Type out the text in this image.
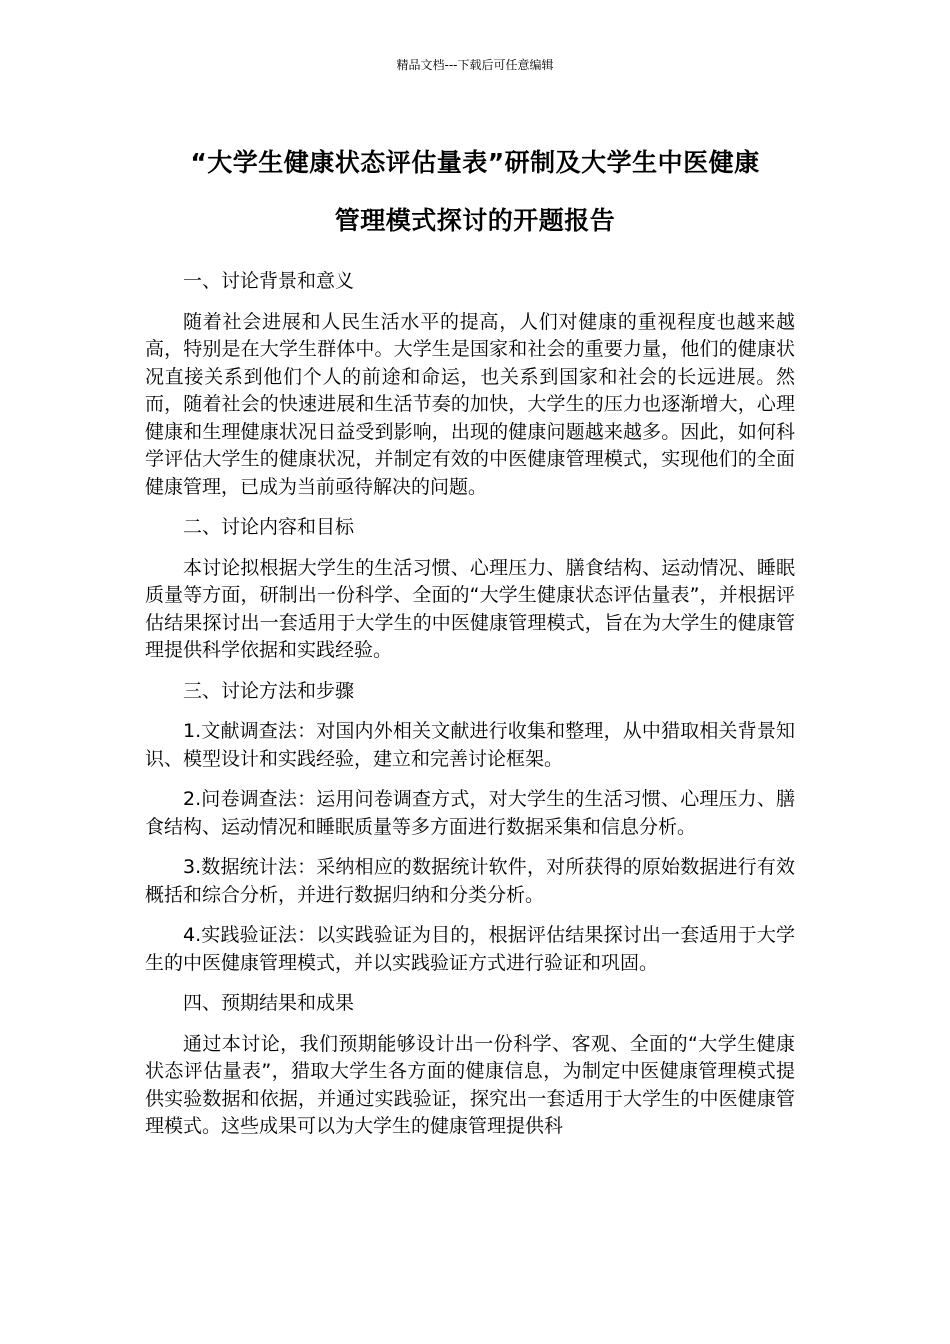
精品文档---下载后可任意编辑
“大学生健康状态评估量表”研制及大学生中医健康
管理模式探讨的开题报告

一、讨论背景和意义

随着社会进展和人民生活水平的提高，人们对健康的重视程度也越来越高，特别是在大学生群体中。大学生是国家和社会的重要力量，他们的健康状况直接关系到他们个人的前途和命运，也关系到国家和社会的长远进展。然而，随着社会的快速进展和生活节奏的加快，大学生的压力也逐渐增大，心理健康和生理健康状况日益受到影响，出现的健康问题越来越多。因此，如何科学评估大学生的健康状况，并制定有效的中医健康管理模式，实现他们的全面健康管理，已成为当前亟待解决的问题。

二、讨论内容和目标

本讨论拟根据大学生的生活习惯、心理压力、膳食结构、运动情况、睡眠质量等方面，研制出一份科学、全面的“大学生健康状态评估量表”，并根据评估结果探讨出一套适用于大学生的中医健康管理模式，旨在为大学生的健康管理提供科学依据和实践经验。

三、讨论方法和步骤

1.文献调查法：对国内外相关文献进行收集和整理，从中猎取相关背景知识、模型设计和实践经验，建立和完善讨论框架。

2.问卷调查法：运用问卷调查方式，对大学生的生活习惯、心理压力、膳食结构、运动情况和睡眠质量等多方面进行数据采集和信息分析。

3.数据统计法：采纳相应的数据统计软件，对所获得的原始数据进行有效概括和综合分析，并进行数据归纳和分类分析。

4.实践验证法：以实践验证为目的，根据评估结果探讨出一套适用于大学生的中医健康管理模式，并以实践验证方式进行验证和巩固。

四、预期结果和成果

通过本讨论，我们预期能够设计出一份科学、客观、全面的“大学生健康状态评估量表”，猎取大学生各方面的健康信息，为制定中医健康管理模式提供实验数据和依据，并通过实践验证，探究出一套适用于大学生的中医健康管理模式。这些成果可以为大学生的健康管理提供科
